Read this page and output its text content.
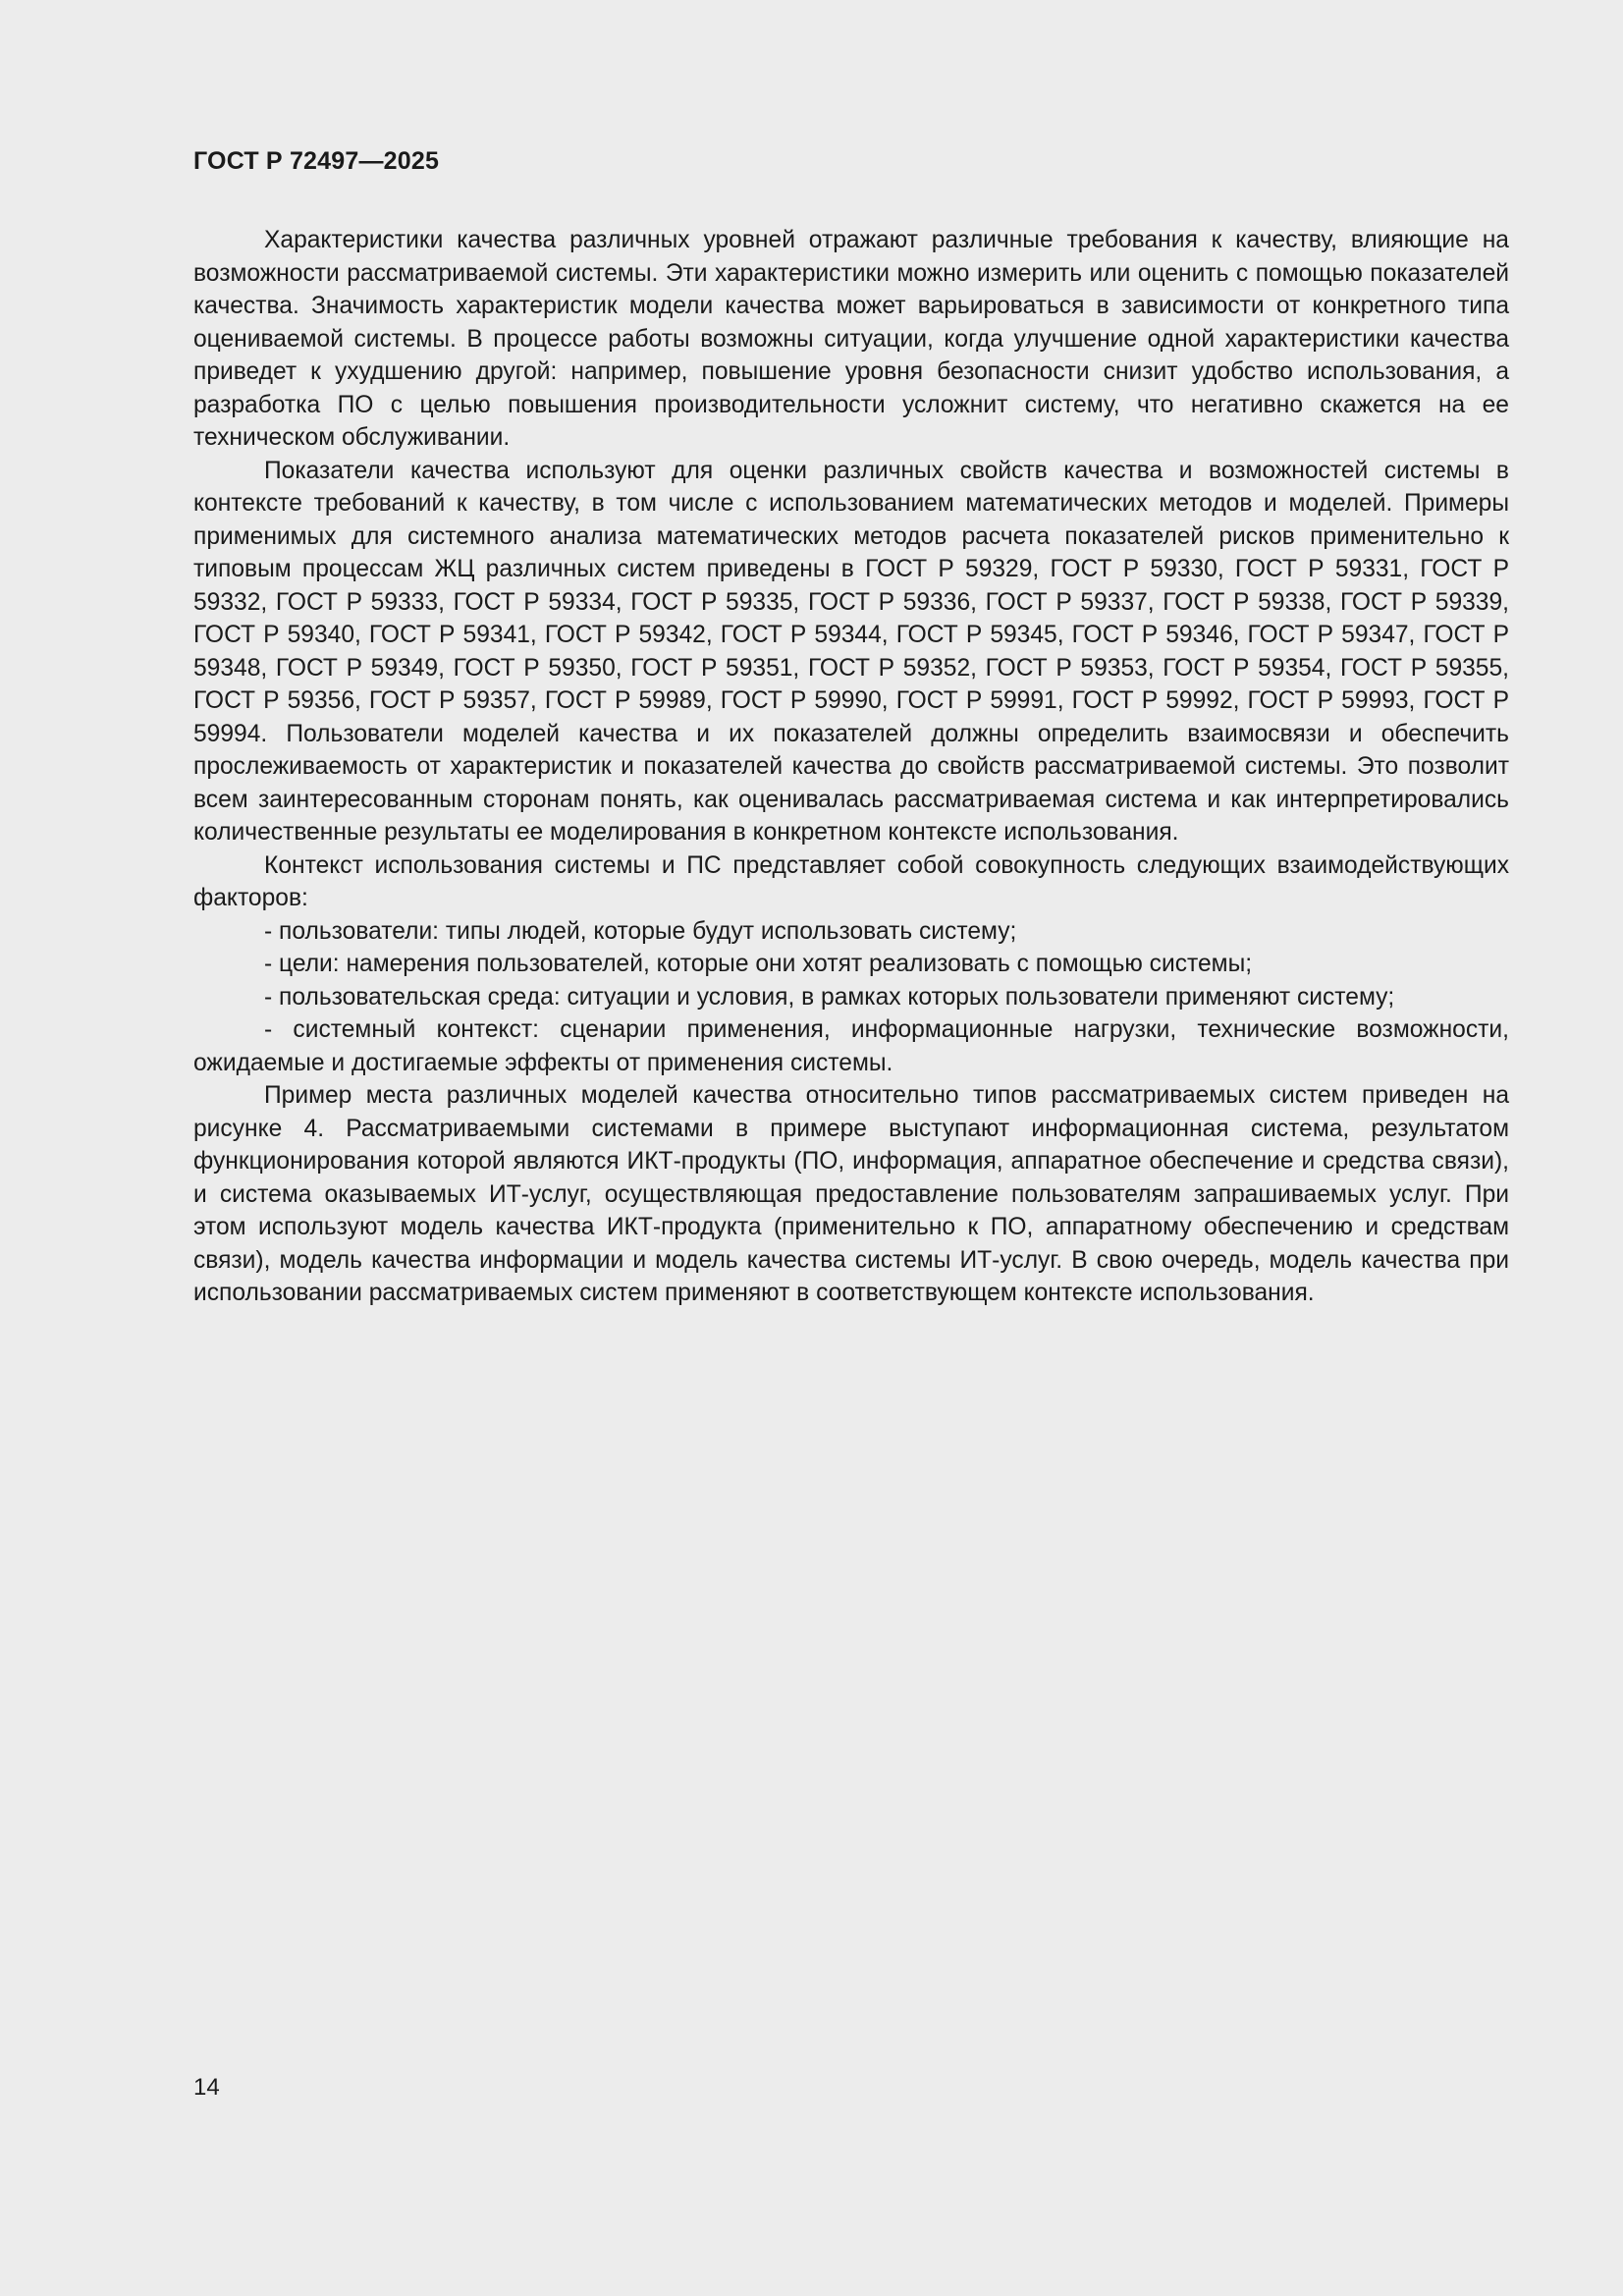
ГОСТ Р 72497—2025

Характеристики качества различных уровней отражают различные требования к качеству, влияющие на возможности рассматриваемой системы. Эти характеристики можно измерить или оценить с помощью показателей качества. Значимость характеристик модели качества может варьироваться в зависимости от конкретного типа оцениваемой системы. В процессе работы возможны ситуации, когда улучшение одной характеристики качества приведет к ухудшению другой: например, повышение уровня безопасности снизит удобство использования, а разработка ПО с целью повышения производительности усложнит систему, что негативно скажется на ее техническом обслуживании.

Показатели качества используют для оценки различных свойств качества и возможностей системы в контексте требований к качеству, в том числе с использованием математических методов и моделей. Примеры применимых для системного анализа математических методов расчета показателей рисков применительно к типовым процессам ЖЦ различных систем приведены в ГОСТ Р 59329, ГОСТ Р 59330, ГОСТ Р 59331, ГОСТ Р 59332, ГОСТ Р 59333, ГОСТ Р 59334, ГОСТ Р 59335, ГОСТ Р 59336, ГОСТ Р 59337, ГОСТ Р 59338, ГОСТ Р 59339, ГОСТ Р 59340, ГОСТ Р 59341, ГОСТ Р 59342, ГОСТ Р 59344, ГОСТ Р 59345, ГОСТ Р 59346, ГОСТ Р 59347, ГОСТ Р 59348, ГОСТ Р 59349, ГОСТ Р 59350, ГОСТ Р 59351, ГОСТ Р 59352, ГОСТ Р 59353, ГОСТ Р 59354, ГОСТ Р 59355, ГОСТ Р 59356, ГОСТ Р 59357, ГОСТ Р 59989, ГОСТ Р 59990, ГОСТ Р 59991, ГОСТ Р 59992, ГОСТ Р 59993, ГОСТ Р 59994. Пользователи моделей качества и их показателей должны определить взаимосвязи и обеспечить прослеживаемость от характеристик и показателей качества до свойств рассматриваемой системы. Это позволит всем заинтересованным сторонам понять, как оценивалась рассматриваемая система и как интерпретировались количественные результаты ее моделирования в конкретном контексте использования.

Контекст использования системы и ПС представляет собой совокупность следующих взаимодействующих факторов:

- пользователи: типы людей, которые будут использовать систему;

- цели: намерения пользователей, которые они хотят реализовать с помощью системы;

- пользовательская среда: ситуации и условия, в рамках которых пользователи применяют систему;

- системный контекст: сценарии применения, информационные нагрузки, технические возможности, ожидаемые и достигаемые эффекты от применения системы.

Пример места различных моделей качества относительно типов рассматриваемых систем приведен на рисунке 4. Рассматриваемыми системами в примере выступают информационная система, результатом функционирования которой являются ИКТ-продукты (ПО, информация, аппаратное обеспечение и средства связи), и система оказываемых ИТ-услуг, осуществляющая предоставление пользователям запрашиваемых услуг. При этом используют модель качества ИКТ-продукта (применительно к ПО, аппаратному обеспечению и средствам связи), модель качества информации и модель качества системы ИТ-услуг. В свою очередь, модель качества при использовании рассматриваемых систем применяют в соответствующем контексте использования.

14
